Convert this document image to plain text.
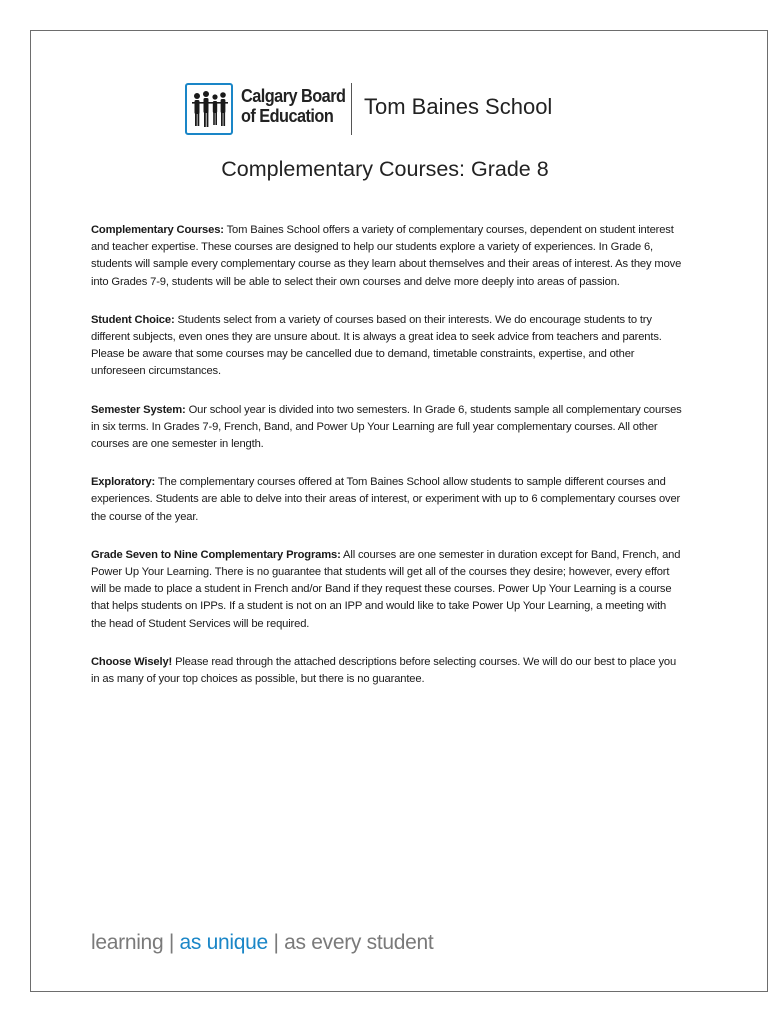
Calgary Board
of Education	Tom Baines School
Complementary Courses: Grade 8

Complementary Courses: Tom Baines School offers a variety of complementary courses, dependent on student interest and teacher expertise. These courses are designed to help our students explore a variety of experiences. In Grade 6, students will sample every complementary course as they learn about themselves and their areas of interest. As they move into Grades 7-9, students will be able to select their own courses and delve more deeply into areas of passion.

Student Choice: Students select from a variety of courses based on their interests. We do encourage students to try different subjects, even ones they are unsure about. It is always a great idea to seek advice from teachers and parents. Please be aware that some courses may be cancelled due to demand, timetable constraints, expertise, and other unforeseen circumstances.

Semester System: Our school year is divided into two semesters. In Grade 6, students sample all complementary courses in six terms. In Grades 7-9, French, Band, and Power Up Your Learning are full year complementary courses. All other courses are one semester in length.

Exploratory: The complementary courses offered at Tom Baines School allow students to sample different courses and experiences. Students are able to delve into their areas of interest, or experiment with up to 6 complementary courses over the course of the year.

Grade Seven to Nine Complementary Programs: All courses are one semester in duration except for Band, French, and Power Up Your Learning. There is no guarantee that students will get all of the courses they desire; however, every effort will be made to place a student in French and/or Band if they request these courses. Power Up Your Learning is a course that helps students on IPPs. If a student is not on an IPP and would like to take Power Up Your Learning, a meeting with the head of Student Services will be required.

Choose Wisely! Please read through the attached descriptions before selecting courses. We will do our best to place you in as many of your top choices as possible, but there is no guarantee.

learning | as unique | as every student
